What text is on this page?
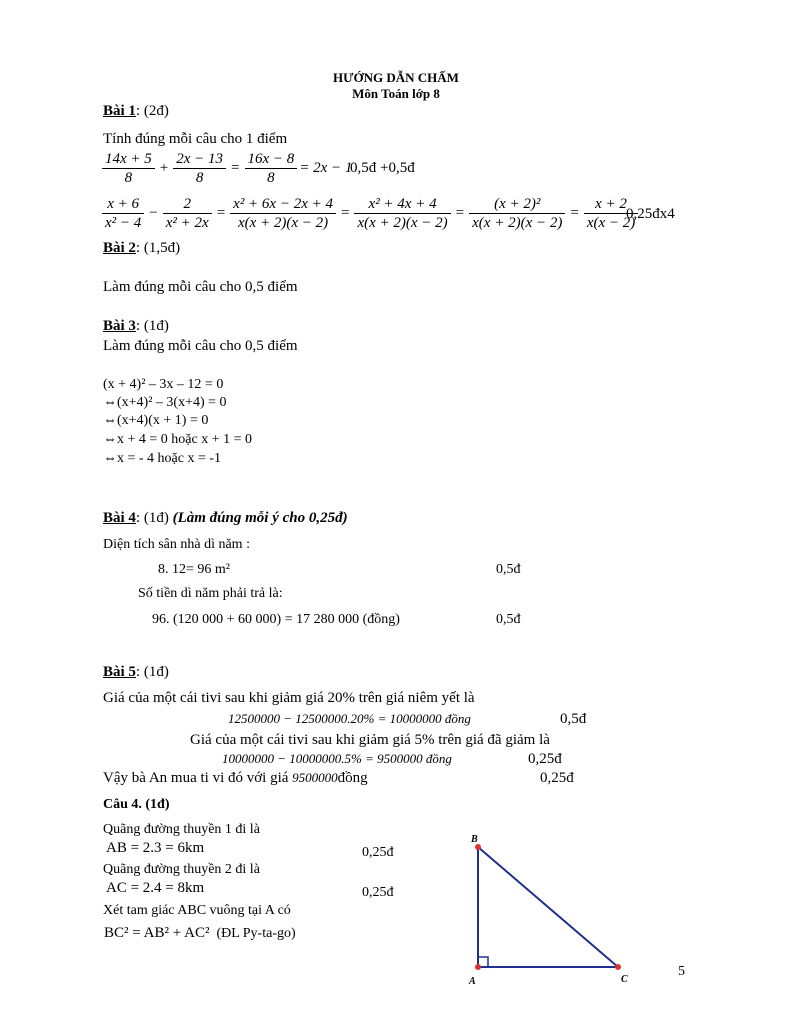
HƯỚNG DẪN CHẤM
Môn Toán lớp 8
Bài 1: (2đ)
Tính đúng mỗi câu cho 1 điểm
$\frac{14x + 5}{8} + \frac{2x - 13}{8} = \frac{16x - 8}{8} = 2x - 1$
0,5đ +0,5đ
$\frac{x + 6}{\text{x² − 4}} - \frac{2}{\text{x² + 2x}} = \frac{\text{x² + 6x − 2x + 4}}{x(x + 2)(x - 2)} = \frac{\text{x² + 4x + 4}}{x(x + 2)(x - 2)} = \frac{\text{(x + 2)²}}{x(x + 2)(x - 2)} = \frac{x + 2}{x(x - 2)}$
0,25đx4
Bài 2: (1,5đ)
Làm đúng mỗi câu cho 0,5 điểm
Bài 3: (1đ)
Làm đúng mỗi câu cho 0,5 điểm
(x + 4)² – 3x – 12 = 0
⇔(x+4)² – 3(x+4) = 0
⇔(x+4)(x + 1) = 0
⇔x + 4 = 0 hoặc x + 1 = 0
⇔x = - 4 hoặc x = -1
Bài 4: (1đ) (Làm đúng mỗi ý cho 0,25đ)
Diện tích sân nhà dì năm :
8. 12= 96 m²	0,5đ
Số tiền dì năm phải trả là:
96. (120 000 + 60 000) = 17 280 000 (đồng)	0,5đ
Bài 5: (1đ)
Giá của một cái tivi sau khi giảm giá 20% trên giá niêm yết là
12500000 − 12500000.20% = 10000000 đồng	0,5đ
Giá của một cái tivi sau khi giảm giá 5% trên giá đã giảm là
10000000 − 10000000.5% = 9500000 đồng	0,25đ
Vậy bà An mua ti vi đó với giá 9500000đồng	0,25đ
Câu 4. (1đ)
Quãng đường thuyền 1 đi là
AB = 2.3 = 6km	0,25đ
Quãng đường thuyền 2 đi là
AC = 2.4 = 8km	0,25đ
Xét tam giác ABC vuông tại A có
BC² = AB² + AC² (ĐL Py-ta-go)
B
A	C
5
